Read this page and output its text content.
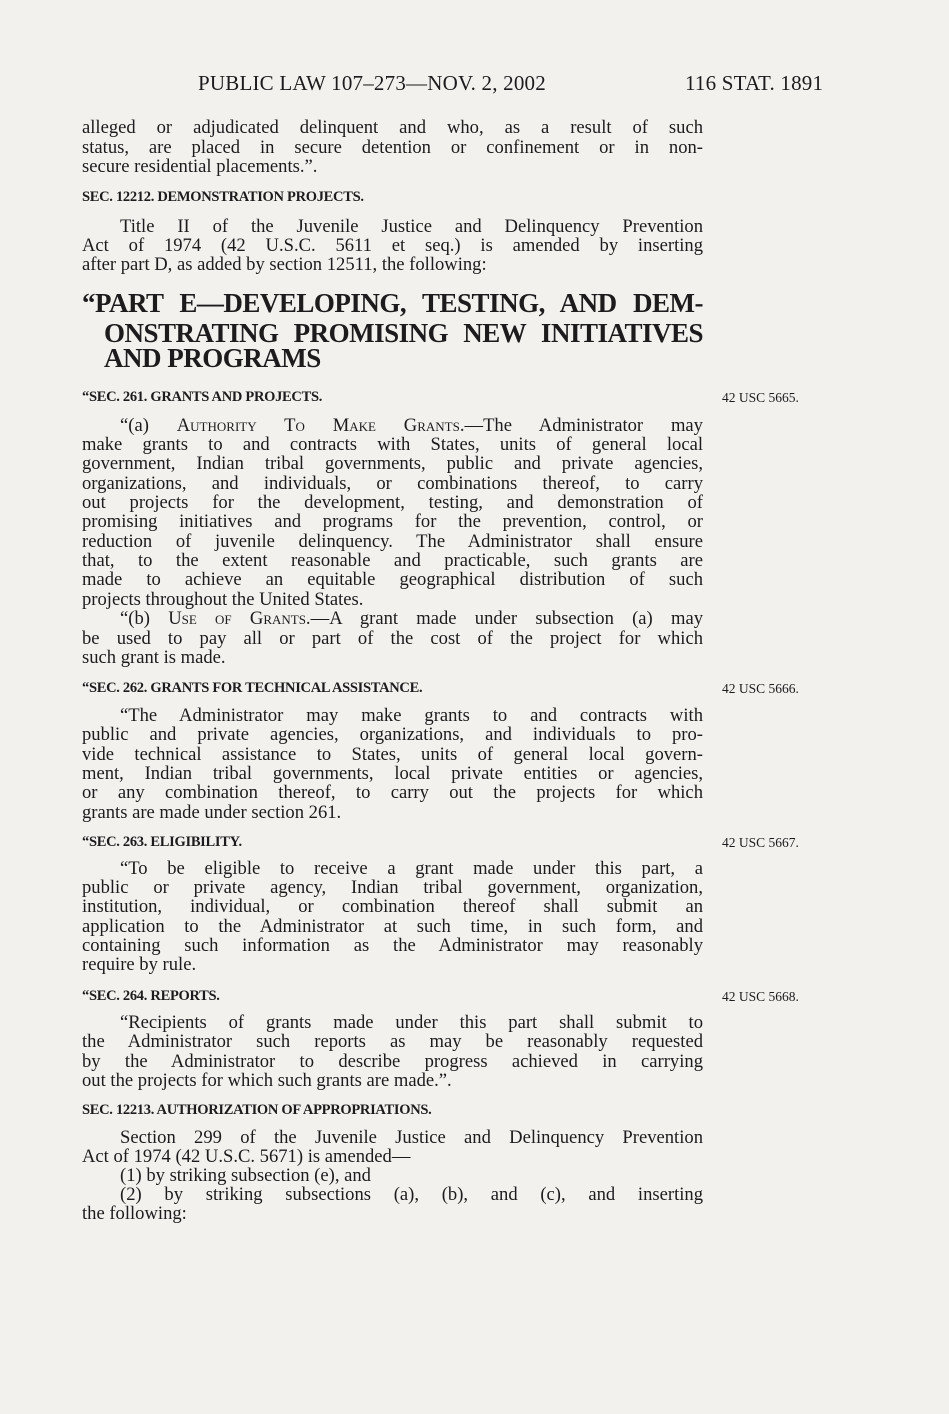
PUBLIC LAW 107–273—NOV. 2, 2002	116 STAT. 1891
alleged or adjudicated delinquent and who, as a result of such
status, are placed in secure detention or confinement or in non-
secure residential placements.”.
SEC. 12212. DEMONSTRATION PROJECTS.
Title II of the Juvenile Justice and Delinquency Prevention
Act of 1974 (42 U.S.C. 5611 et seq.) is amended by inserting
after part D, as added by section 12511, the following:
“PART E—DEVELOPING, TESTING, AND DEM-
ONSTRATING PROMISING NEW INITIATIVES
AND PROGRAMS
“SEC. 261. GRANTS AND PROJECTS.	42 USC 5665.
“(a) Authority To Make Grants.—The Administrator may
make grants to and contracts with States, units of general local
government, Indian tribal governments, public and private agencies,
organizations, and individuals, or combinations thereof, to carry
out projects for the development, testing, and demonstration of
promising initiatives and programs for the prevention, control, or
reduction of juvenile delinquency. The Administrator shall ensure
that, to the extent reasonable and practicable, such grants are
made to achieve an equitable geographical distribution of such
projects throughout the United States.
“(b) Use of Grants.—A grant made under subsection (a) may
be used to pay all or part of the cost of the project for which
such grant is made.
“SEC. 262. GRANTS FOR TECHNICAL ASSISTANCE.	42 USC 5666.
“The Administrator may make grants to and contracts with
public and private agencies, organizations, and individuals to pro-
vide technical assistance to States, units of general local govern-
ment, Indian tribal governments, local private entities or agencies,
or any combination thereof, to carry out the projects for which
grants are made under section 261.
“SEC. 263. ELIGIBILITY.	42 USC 5667.
“To be eligible to receive a grant made under this part, a
public or private agency, Indian tribal government, organization,
institution, individual, or combination thereof shall submit an
application to the Administrator at such time, in such form, and
containing such information as the Administrator may reasonably
require by rule.
“SEC. 264. REPORTS.	42 USC 5668.
“Recipients of grants made under this part shall submit to
the Administrator such reports as may be reasonably requested
by the Administrator to describe progress achieved in carrying
out the projects for which such grants are made.”.
SEC. 12213. AUTHORIZATION OF APPROPRIATIONS.
Section 299 of the Juvenile Justice and Delinquency Prevention
Act of 1974 (42 U.S.C. 5671) is amended—
(1) by striking subsection (e), and
(2) by striking subsections (a), (b), and (c), and inserting
the following:
